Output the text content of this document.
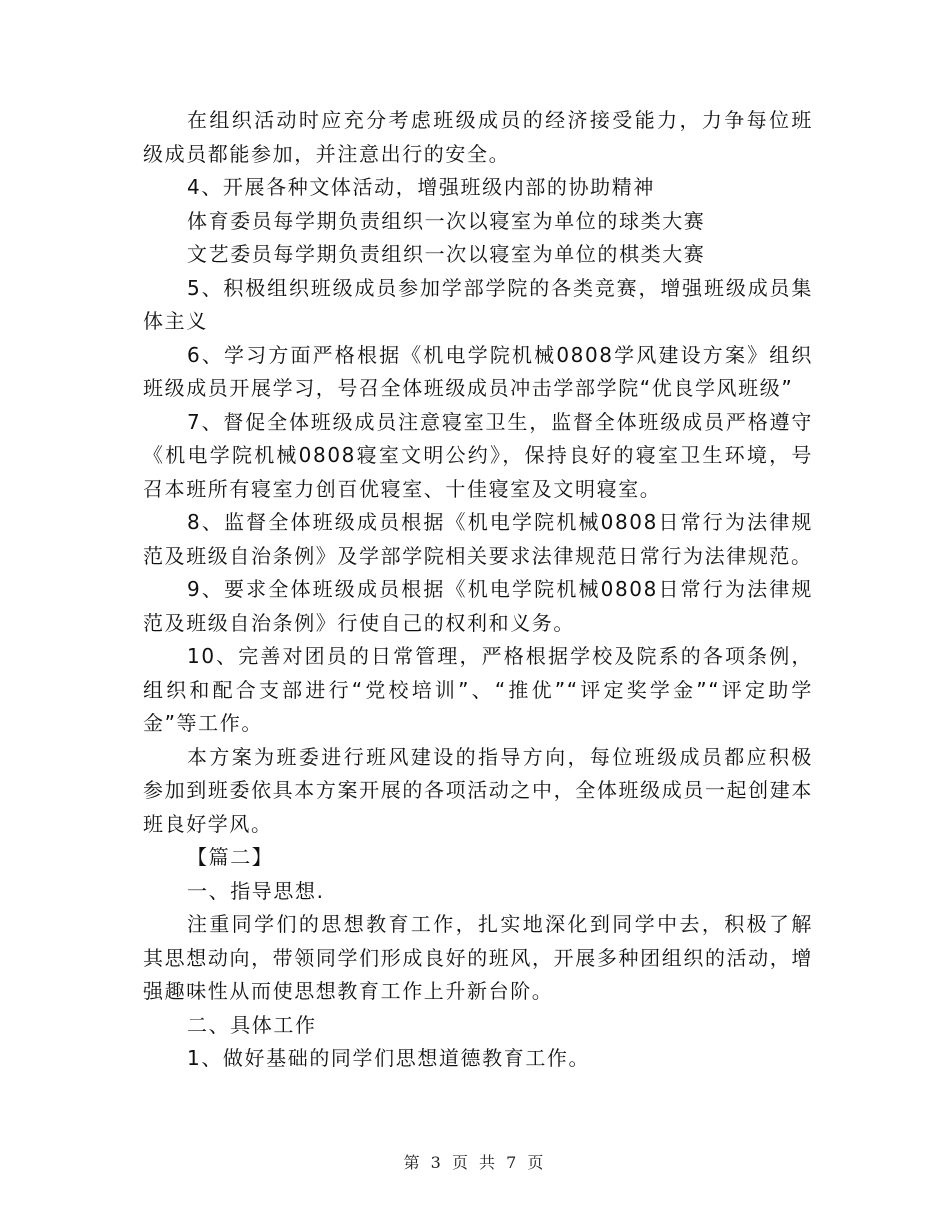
在组织活动时应充分考虑班级成员的经济接受能力，力争每位班级成员都能参加，并注意出行的安全。

4、开展各种文体活动，增强班级内部的协助精神

体育委员每学期负责组织一次以寝室为单位的球类大赛

文艺委员每学期负责组织一次以寝室为单位的棋类大赛

5、积极组织班级成员参加学部学院的各类竞赛，增强班级成员集体主义

6、学习方面严格根据《机电学院机械0808学风建设方案》组织班级成员开展学习，号召全体班级成员冲击学部学院“优良学风班级”

7、督促全体班级成员注意寝室卫生，监督全体班级成员严格遵守《机电学院机械0808寝室文明公约》，保持良好的寝室卫生环境，号召本班所有寝室力创百优寝室、十佳寝室及文明寝室。

8、监督全体班级成员根据《机电学院机械0808日常行为法律规范及班级自治条例》及学部学院相关要求法律规范日常行为法律规范。

9、要求全体班级成员根据《机电学院机械0808日常行为法律规范及班级自治条例》行使自己的权利和义务。

10、完善对团员的日常管理，严格根据学校及院系的各项条例，组织和配合支部进行“党校培训”、“推优”“评定奖学金”“评定助学金”等工作。

本方案为班委进行班风建设的指导方向，每位班级成员都应积极参加到班委依具本方案开展的各项活动之中，全体班级成员一起创建本班良好学风。

【篇二】

一、指导思想.

注重同学们的思想教育工作，扎实地深化到同学中去，积极了解其思想动向，带领同学们形成良好的班风，开展多种团组织的活动，增强趣味性从而使思想教育工作上升新台阶。

二、具体工作

1、做好基础的同学们思想道德教育工作。

第 3 页 共 7 页
